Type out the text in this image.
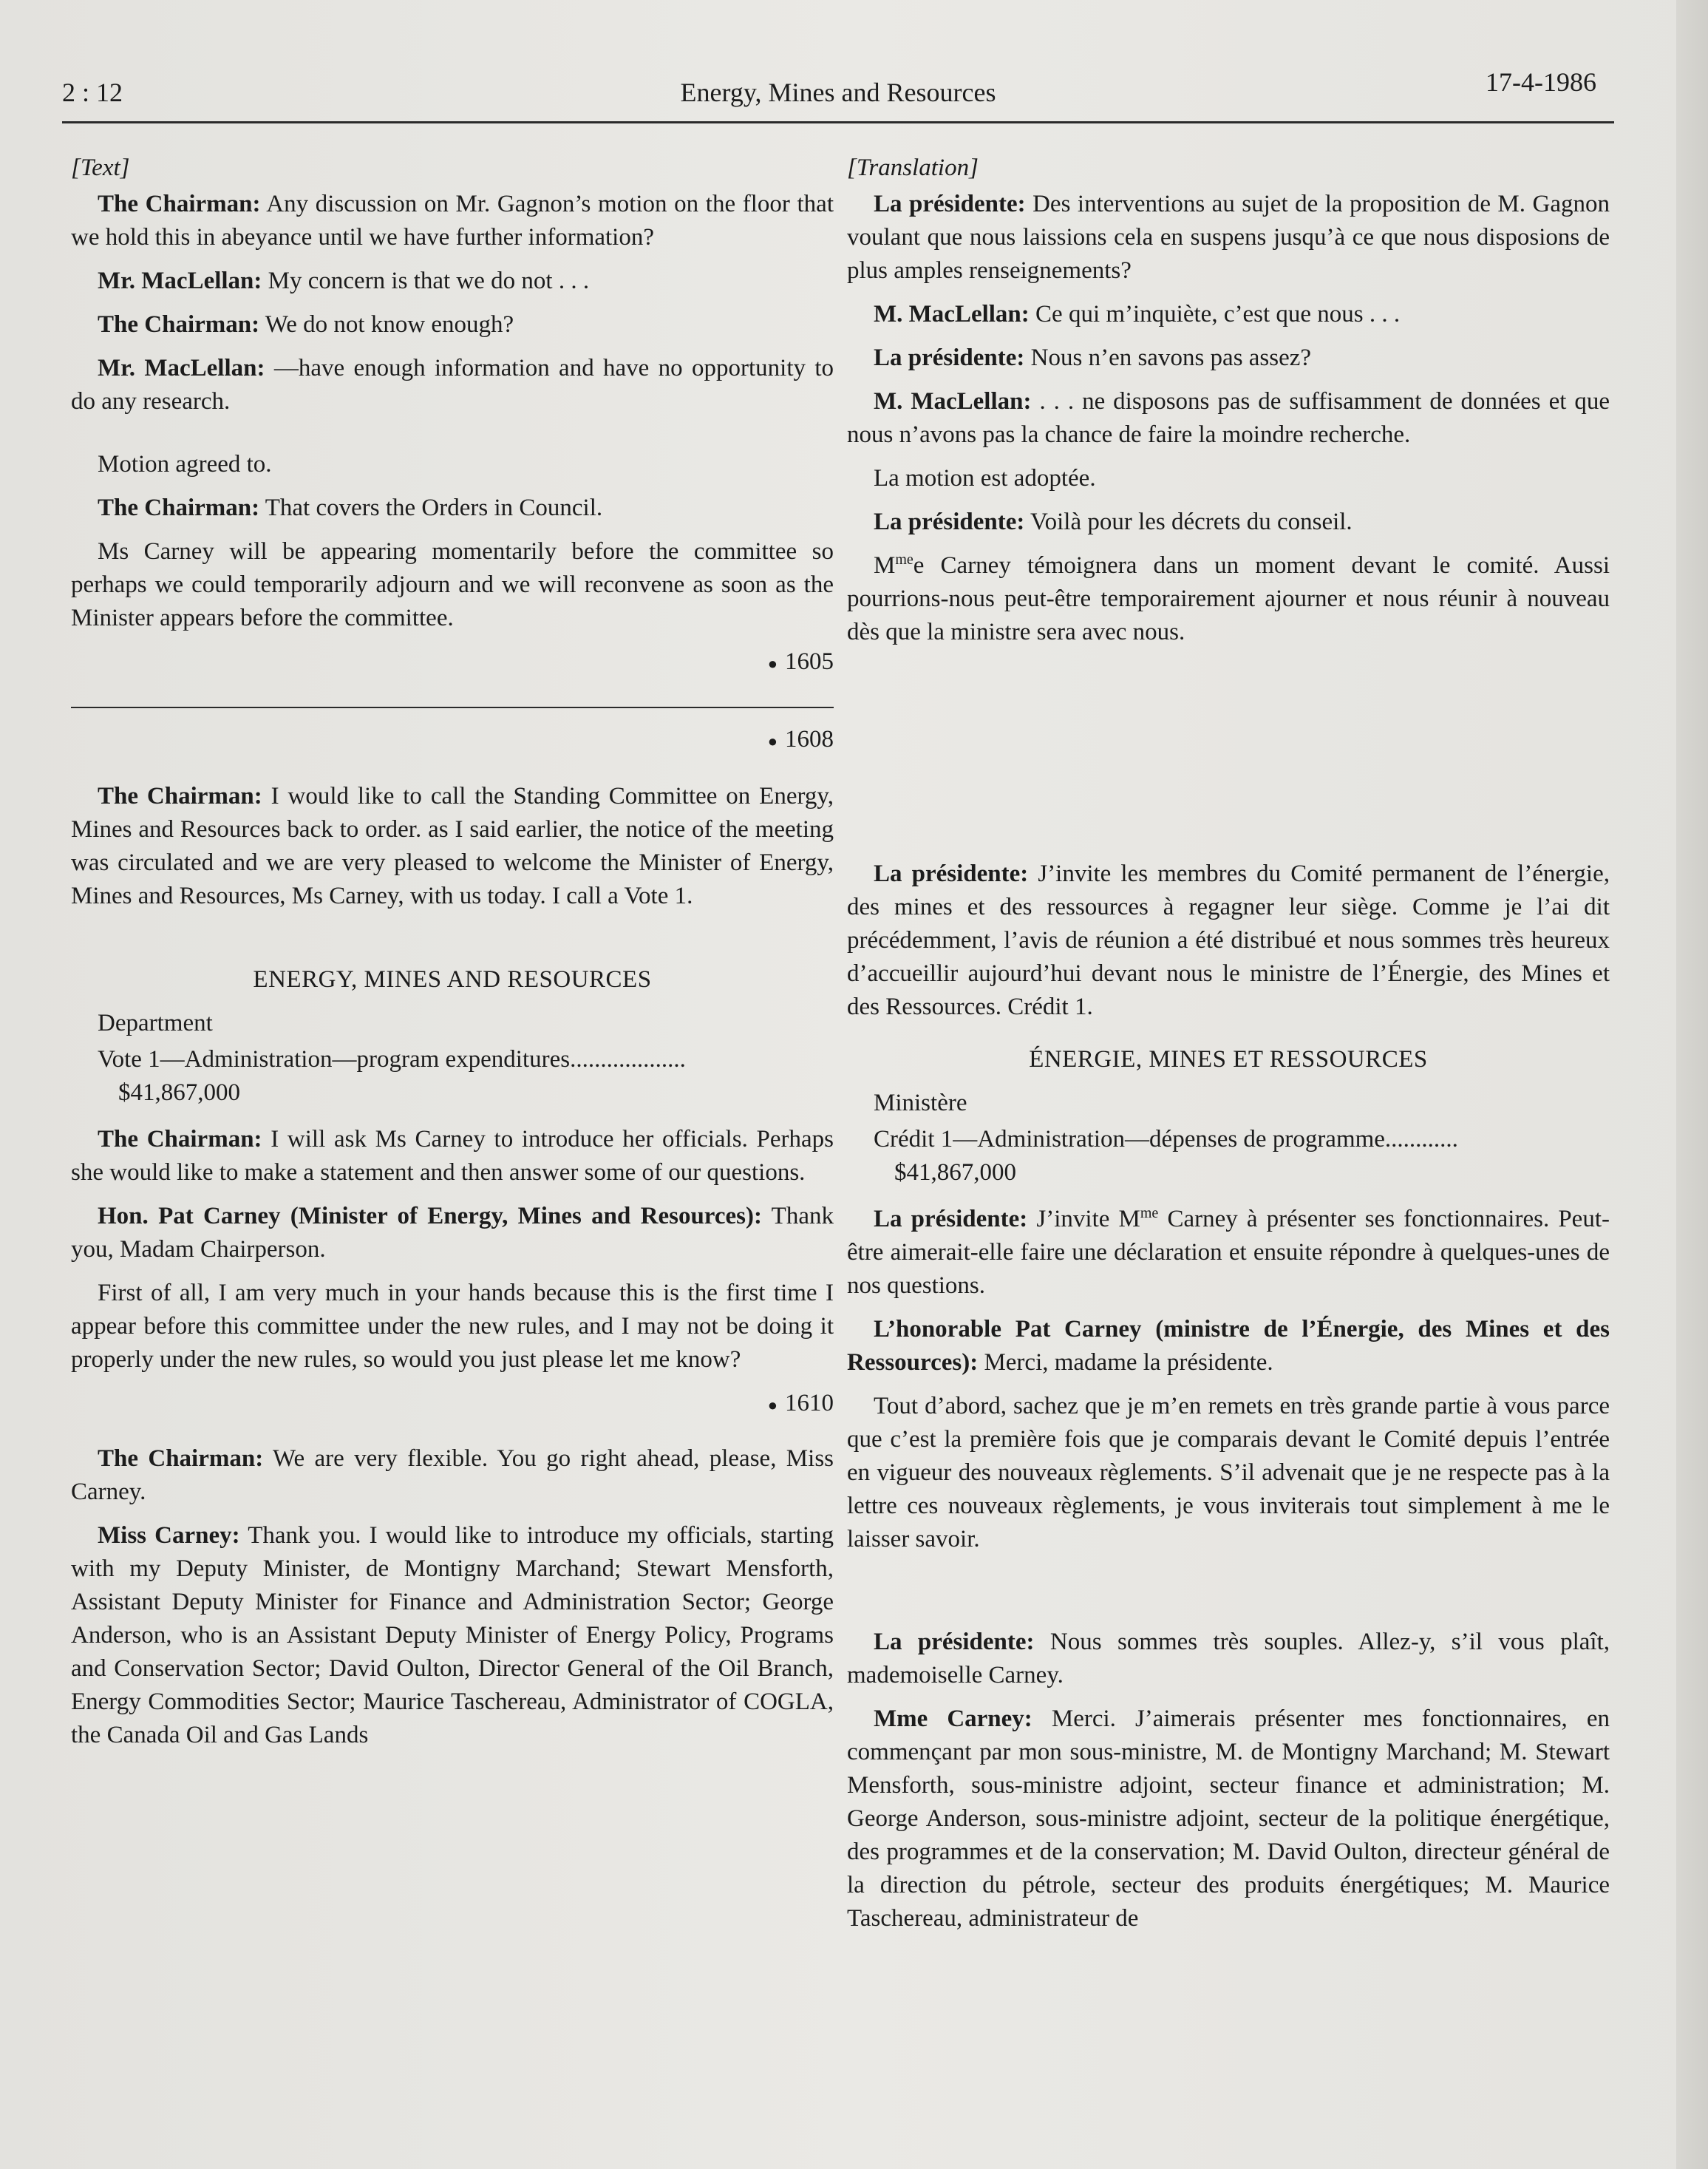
2 : 12	Energy, Mines and Resources	17-4-1986

[Text]

The Chairman: Any discussion on Mr. Gagnon’s motion on the floor that we hold this in abeyance until we have further information?

Mr. MacLellan: My concern is that we do not . . .

The Chairman: We do not know enough?

Mr. MacLellan: —have enough information and have no opportunity to do any research.

Motion agreed to.

The Chairman: That covers the Orders in Council.

Ms Carney will be appearing momentarily before the committee so perhaps we could temporarily adjourn and we will reconvene as soon as the Minister appears before the committee.

● 1605

● 1608

The Chairman: I would like to call the Standing Committee on Energy, Mines and Resources back to order. as I said earlier, the notice of the meeting was circulated and we are very pleased to welcome the Minister of Energy, Mines and Resources, Ms Carney, with us today. I call a Vote 1.

ENERGY, MINES AND RESOURCES

Department

Vote 1—Administration—program expenditures...................

$41,867,000

The Chairman: I will ask Ms Carney to introduce her officials. Perhaps she would like to make a statement and then answer some of our questions.

Hon. Pat Carney (Minister of Energy, Mines and Resources): Thank you, Madam Chairperson.

First of all, I am very much in your hands because this is the first time I appear before this committee under the new rules, and I may not be doing it properly under the new rules, so would you just please let me know?

● 1610

The Chairman: We are very flexible. You go right ahead, please, Miss Carney.

Miss Carney: Thank you. I would like to introduce my officials, starting with my Deputy Minister, de Montigny Marchand; Stewart Mensforth, Assistant Deputy Minister for Finance and Administration Sector; George Anderson, who is an Assistant Deputy Minister of Energy Policy, Programs and Conservation Sector; David Oulton, Director General of the Oil Branch, Energy Commodities Sector; Maurice Taschereau, Administrator of COGLA, the Canada Oil and Gas Lands

[Translation]

La présidente: Des interventions au sujet de la proposition de M. Gagnon voulant que nous laissions cela en suspens jusqu’à ce que nous disposions de plus amples renseignements?

M. MacLellan: Ce qui m’inquiète, c’est que nous . . .

La présidente: Nous n’en savons pas assez?

M. MacLellan: . . . ne disposons pas de suffisamment de données et que nous n’avons pas la chance de faire la moindre recherche.

La motion est adoptée.

La présidente: Voilà pour les décrets du conseil.

$M^{me}e$ Carney témoignera dans un moment devant le comité. Aussi pourrions-nous peut-être temporairement ajourner et nous réunir à nouveau dès que la ministre sera avec nous.

La présidente: J’invite les membres du Comité permanent de l’énergie, des mines et des ressources à regagner leur siège. Comme je l’ai dit précédemment, l’avis de réunion a été distribué et nous sommes très heureux d’accueillir aujourd’hui devant nous le ministre de l’Énergie, des Mines et des Ressources. Crédit 1.

ÉNERGIE, MINES ET RESSOURCES

Ministère

Crédit 1—Administration—dépenses de programme............

$41,867,000

La présidente: J’invite $M^{me}$ Carney à présenter ses fonctionnaires. Peut-être aimerait-elle faire une déclaration et ensuite répondre à quelques-unes de nos questions.

L’honorable Pat Carney (ministre de l’Énergie, des Mines et des Ressources): Merci, madame la présidente.

Tout d’abord, sachez que je m’en remets en très grande partie à vous parce que c’est la première fois que je comparais devant le Comité depuis l’entrée en vigueur des nouveaux règlements. S’il advenait que je ne respecte pas à la lettre ces nouveaux règlements, je vous inviterais tout simplement à me le laisser savoir.

La présidente: Nous sommes très souples. Allez-y, s’il vous plaît, mademoiselle Carney.

Mme Carney: Merci. J’aimerais présenter mes fonctionnaires, en commençant par mon sous-ministre, M. de Montigny Marchand; M. Stewart Mensforth, sous-ministre adjoint, secteur finance et administration; M. George Anderson, sous-ministre adjoint, secteur de la politique énergétique, des programmes et de la conservation; M. David Oulton, directeur général de la direction du pétrole, secteur des produits énergétiques; M. Maurice Taschereau, administrateur de
